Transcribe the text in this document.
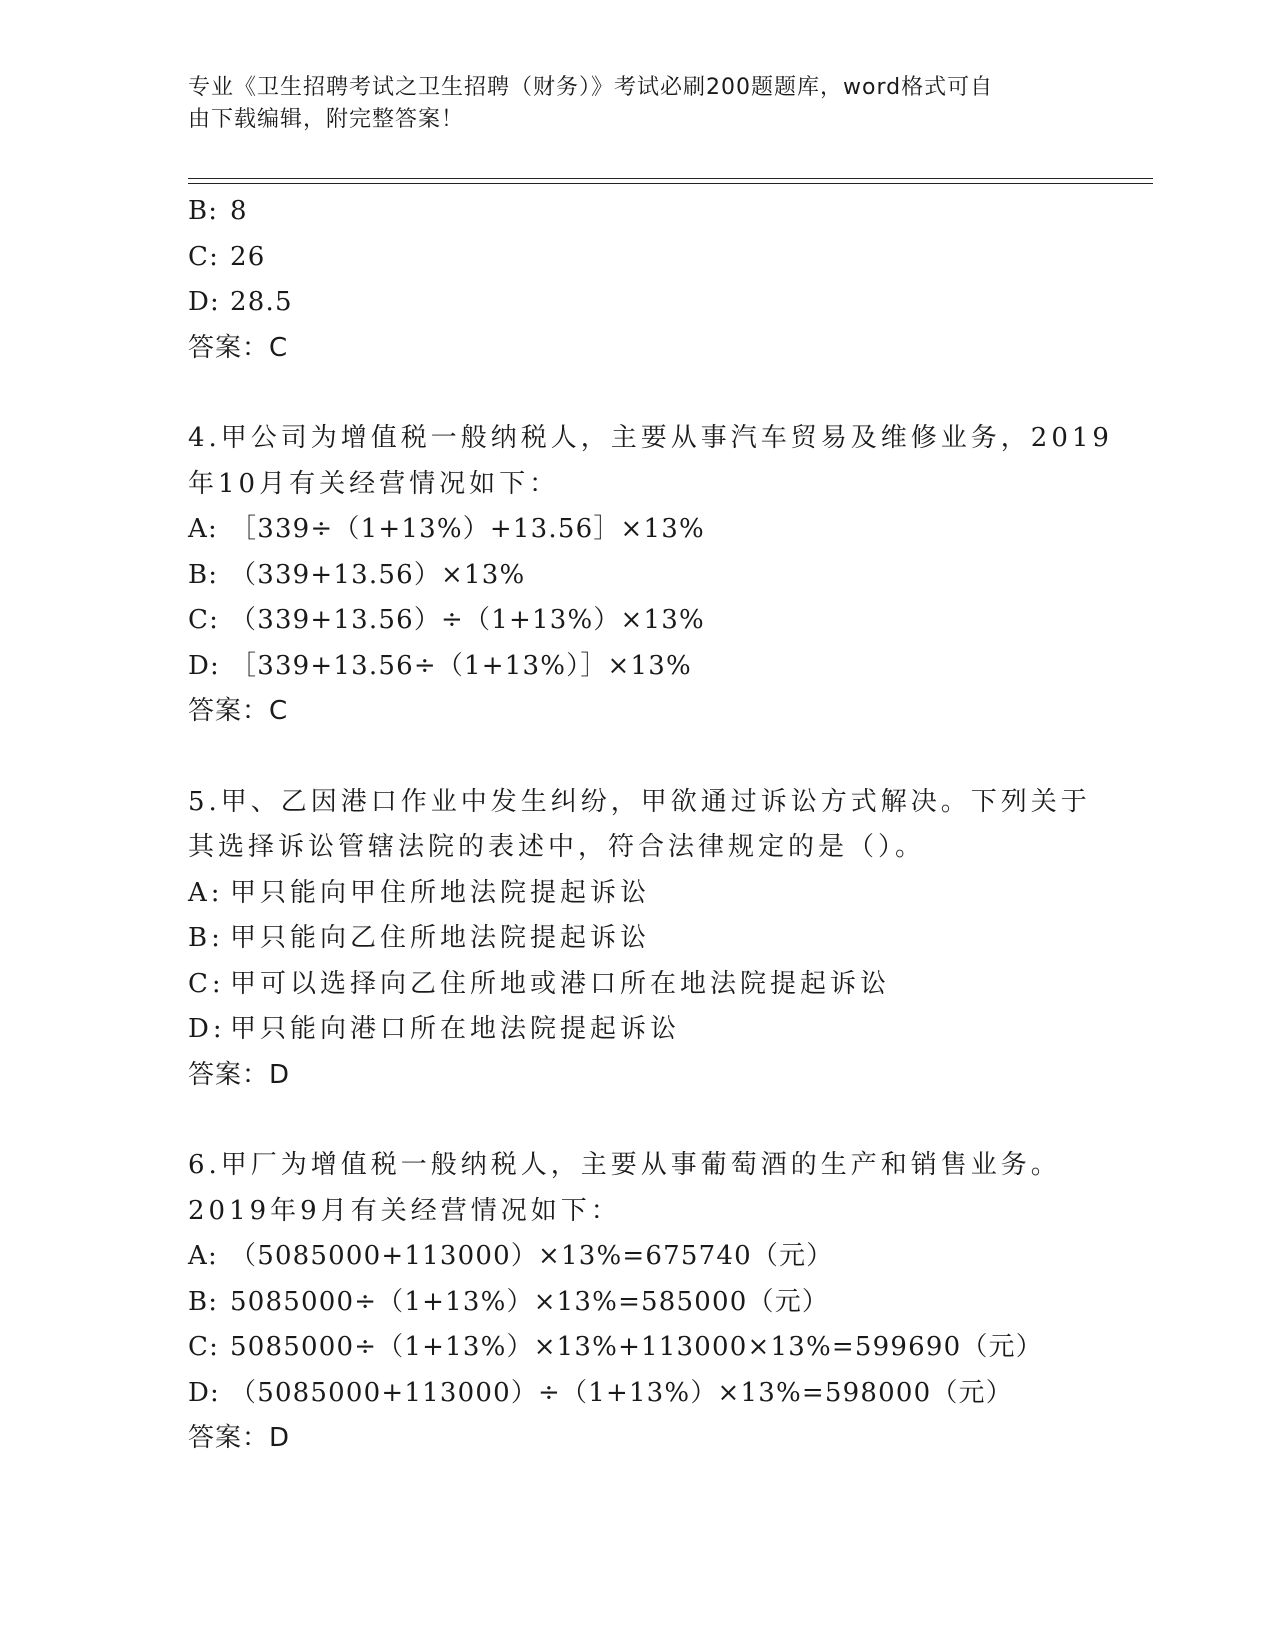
专业《卫生招聘考试之卫生招聘（财务）》考试必刷200题题库，word格式可自
由下载编辑，附完整答案！
B: 8
C: 26
D: 28.5
答案：C
4.甲公司为增值税一般纳税人，主要从事汽车贸易及维修业务，2019
年10月有关经营情况如下：
A: ［339÷（1+13%）+13.56］×13%
B: （339+13.56）×13%
C: （339+13.56）÷（1+13%）×13%
D: ［339+13.56÷（1+13%）］×13%
答案：C
5.甲、乙因港口作业中发生纠纷，甲欲通过诉讼方式解决。下列关于
其选择诉讼管辖法院的表述中，符合法律规定的是（）。
A: 甲只能向甲住所地法院提起诉讼
B: 甲只能向乙住所地法院提起诉讼
C: 甲可以选择向乙住所地或港口所在地法院提起诉讼
D: 甲只能向港口所在地法院提起诉讼
答案：D
6.甲厂为增值税一般纳税人，主要从事葡萄酒的生产和销售业务。
2019年9月有关经营情况如下：
A: （5085000+113000）×13%=675740（元）
B: 5085000÷（1+13%）×13%=585000（元）
C: 5085000÷（1+13%）×13%+113000×13%=599690（元）
D: （5085000+113000）÷（1+13%）×13%=598000（元）
答案：D
